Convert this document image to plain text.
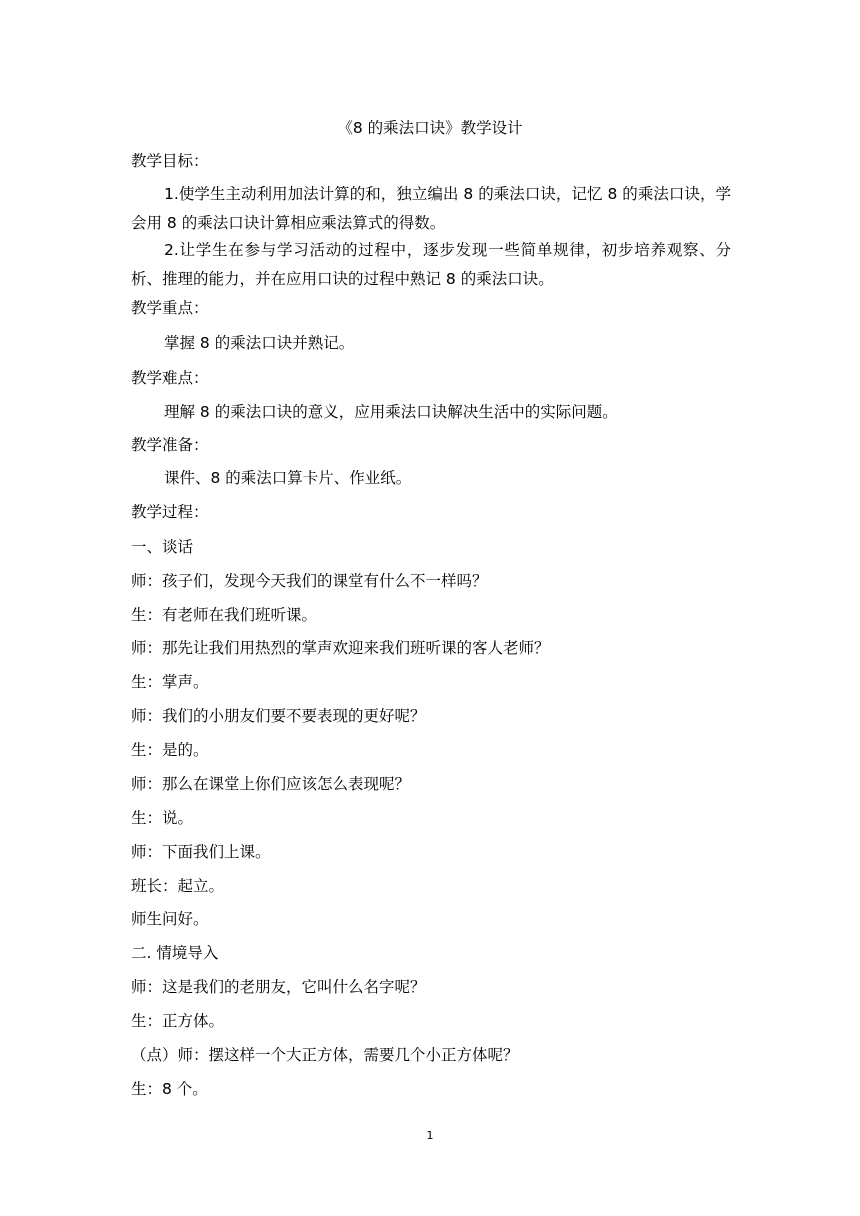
《8 的乘法口诀》教学设计
教学目标：
1.使学生主动利用加法计算的和，独立编出 8 的乘法口诀，记忆 8 的乘法口诀，学会用 8 的乘法口诀计算相应乘法算式的得数。
2.让学生在参与学习活动的过程中，逐步发现一些简单规律，初步培养观察、分析、推理的能力，并在应用口诀的过程中熟记 8 的乘法口诀。
教学重点：
掌握 8 的乘法口诀并熟记。
教学难点：
理解 8 的乘法口诀的意义，应用乘法口诀解决生活中的实际问题。
教学准备：
课件、8 的乘法口算卡片、作业纸。
教学过程：
一、谈话
师：孩子们，发现今天我们的课堂有什么不一样吗？
生：有老师在我们班听课。
师：那先让我们用热烈的掌声欢迎来我们班听课的客人老师？
生：掌声。
师：我们的小朋友们要不要表现的更好呢？
生：是的。
师：那么在课堂上你们应该怎么表现呢？
生：说。
师：下面我们上课。
班长：起立。
师生问好。
二. 情境导入
师：这是我们的老朋友，它叫什么名字呢？
生：正方体。
（点）师：摆这样一个大正方体，需要几个小正方体呢？
生：8 个。
1
